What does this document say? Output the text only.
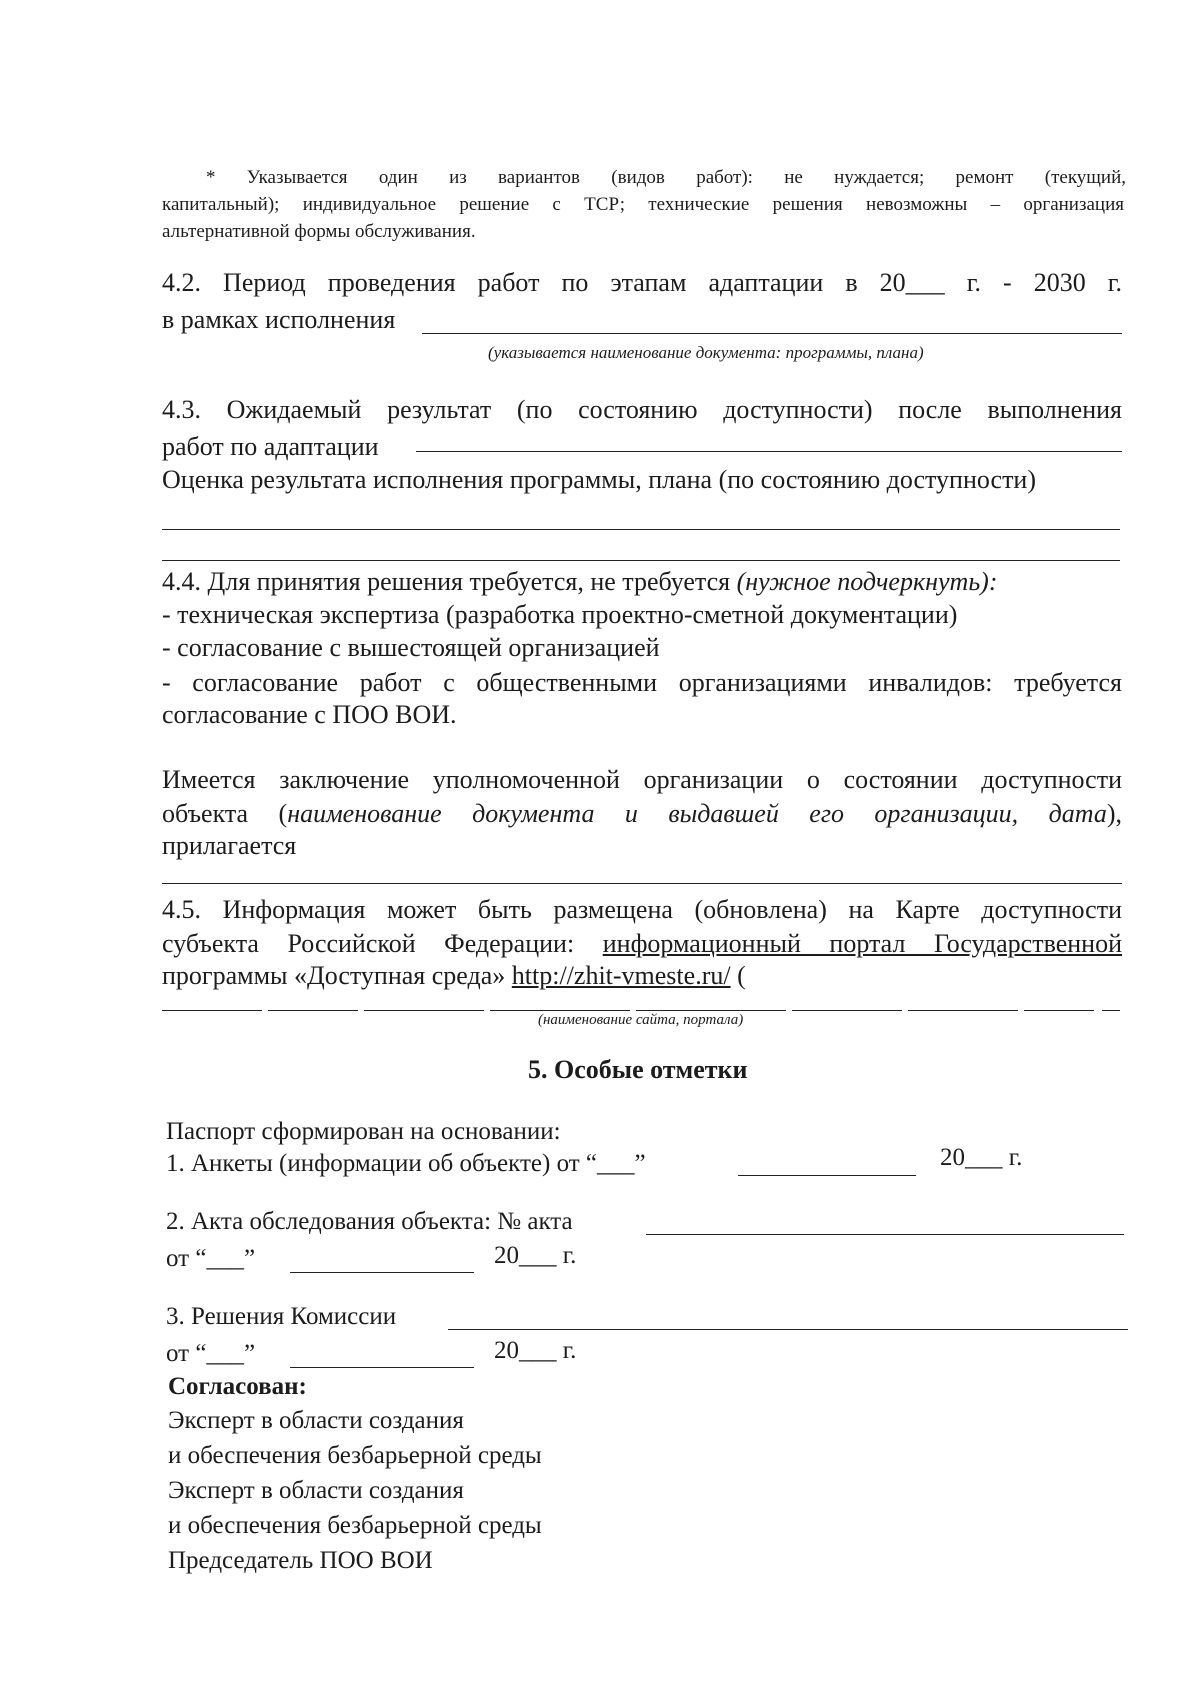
* Указывается один из вариантов (видов работ): не нуждается; ремонт (текущий,
капитальный); индивидуальное решение с ТСР; технические решения невозможны – организация
альтернативной формы обслуживания.
4.2. Период проведения работ по этапам адаптации в 20___ г. - 2030 г.
в рамках исполнения
(указывается наименование документа: программы, плана)
4.3. Ожидаемый результат (по состоянию доступности) после выполнения
работ по адаптации
Оценка результата исполнения программы, плана (по состоянию доступности)
4.4. Для принятия решения требуется, не требуется (нужное подчеркнуть):
- техническая экспертиза (разработка проектно-сметной документации)
- согласование с вышестоящей организацией
- согласование работ с общественными организациями инвалидов: требуется
согласование с ПОО ВОИ.
Имеется заключение уполномоченной организации о состоянии доступности
объекта (наименование документа и выдавшей его организации, дата),
прилагается
4.5. Информация может быть размещена (обновлена) на Карте доступности
субъекта Российской Федерации: информационный портал Государственной
программы «Доступная среда» http://zhit-vmeste.ru/ (
(наименование сайта, портала)
5. Особые отметки
Паспорт сформирован на основании:
1. Анкеты (информации об объекте) от “___”	20___ г.
2. Акта обследования объекта: № акта
от “___”	20___ г.
3. Решения Комиссии
от “___”	20___ г.
Согласован:
Эксперт в области создания
и обеспечения безбарьерной среды
Эксперт в области создания
и обеспечения безбарьерной среды
Председатель ПОО ВОИ
